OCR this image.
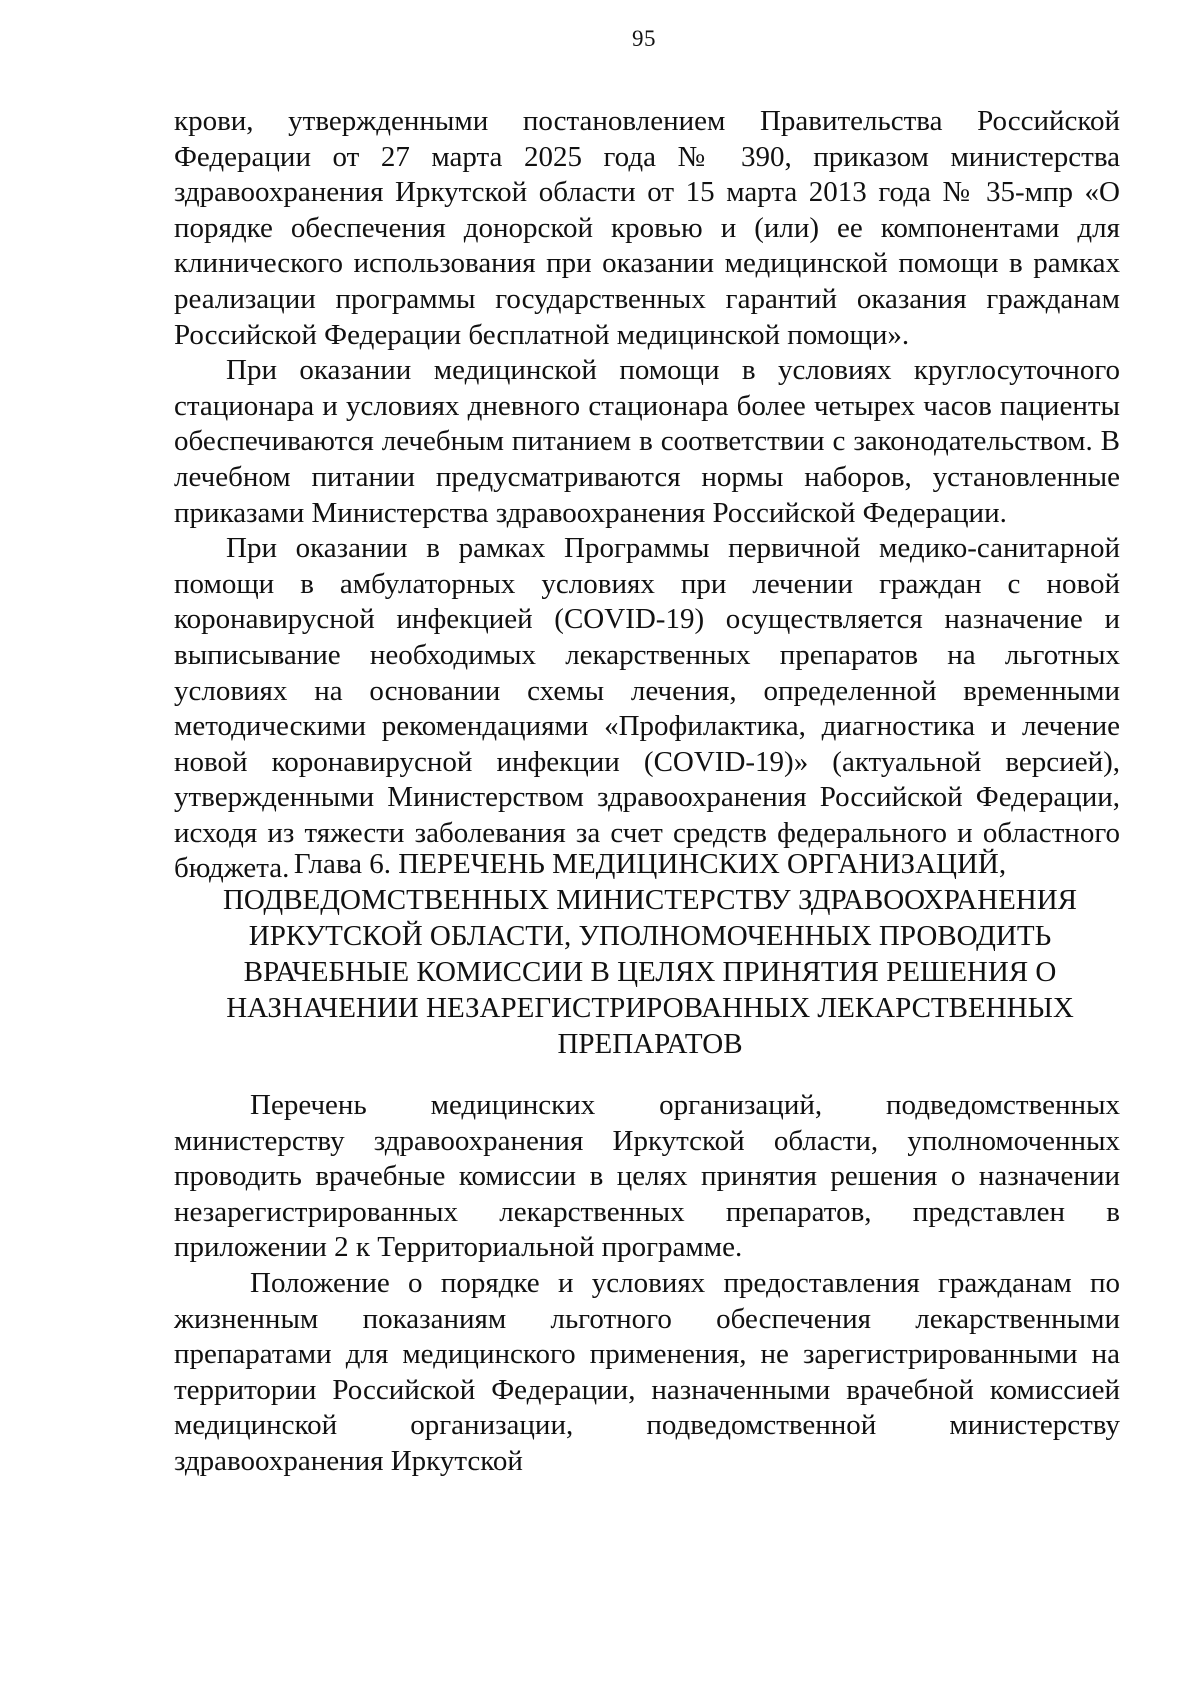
95

крови, утвержденными постановлением Правительства Российской Федерации от 27 марта 2025 года № 390, приказом министерства здравоохранения Иркутской области от 15 марта 2013 года № 35-мпр «О порядке обеспечения донорской кровью и (или) ее компонентами для клинического использования при оказании медицинской помощи в рамках реализации программы государственных гарантий оказания гражданам Российской Федерации бесплатной медицинской помощи».

При оказании медицинской помощи в условиях круглосуточного стационара и условиях дневного стационара более четырех часов пациенты обеспечиваются лечебным питанием в соответствии с законодательством. В лечебном питании предусматриваются нормы наборов, установленные приказами Министерства здравоохранения Российской Федерации.

При оказании в рамках Программы первичной медико-санитарной помощи в амбулаторных условиях при лечении граждан с новой коронавирусной инфекцией (COVID-19) осуществляется назначение и выписывание необходимых лекарственных препаратов на льготных условиях на основании схемы лечения, определенной временными методическими рекомендациями «Профилактика, диагностика и лечение новой коронавирусной инфекции (COVID-19)» (актуальной версией), утвержденными Министерством здравоохранения Российской Федерации, исходя из тяжести заболевания за счет средств федерального и областного бюджета. Глава 6. ПЕРЕЧЕНЬ МЕДИЦИНСКИХ ОРГАНИЗАЦИЙ,
ПОДВЕДОМСТВЕННЫХ МИНИСТЕРСТВУ ЗДРАВООХРАНЕНИЯ
ИРКУТСКОЙ ОБЛАСТИ, УПОЛНОМОЧЕННЫХ ПРОВОДИТЬ
ВРАЧЕБНЫЕ КОМИССИИ В ЦЕЛЯХ ПРИНЯТИЯ РЕШЕНИЯ О
НАЗНАЧЕНИИ НЕЗАРЕГИСТРИРОВАННЫХ ЛЕКАРСТВЕННЫХ
ПРЕПАРАТОВ

Перечень медицинских организаций, подведомственных министерству здравоохранения Иркутской области, уполномоченных проводить врачебные комиссии в целях принятия решения о назначении незарегистрированных лекарственных препаратов, представлен в приложении 2 к Территориальной программе.

Положение о порядке и условиях предоставления гражданам по жизненным показаниям льготного обеспечения лекарственными препаратами для медицинского применения, не зарегистрированными на территории Российской Федерации, назначенными врачебной комиссией медицинской организации, подведомственной министерству здравоохранения Иркутской
